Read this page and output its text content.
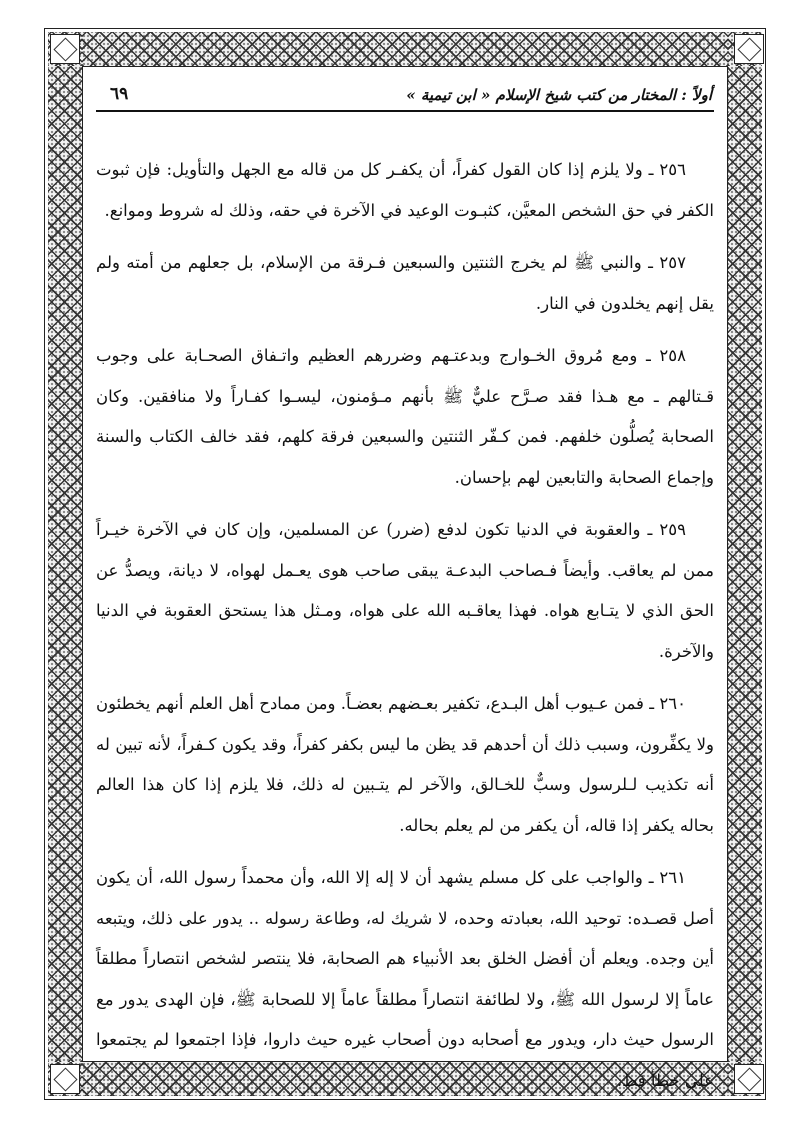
أولاً : المختار من كتب شيخ الإسلام « ابن تيمية »
٦٩

٢٥٦ ـ ولا يلزم إذا كان القول كفراً، أن يكفـر كل من قاله مع الجهل والتأويل: فإن ثبوت الكفر في حق الشخص المعيَّن، كثبـوت الوعيد في الآخرة في حقه، وذلك له شروط وموانع.

٢٥٧ ـ والنبي ﷺ لم يخرج الثنتين والسبعين فـرقة من الإسلام، بل جعلهم من أمته ولم يقل إنهم يخلدون في النار.

٢٥٨ ـ ومع مُروق الخـوارج وبدعتـهم وضررهم العظيم واتـفاق الصحـابة على وجوب قـتالهم ـ مع هـذا فقد صـرَّح عليٌّ ﷺ بأنهم مـؤمنون، ليسـوا كفـاراً ولا منافقين. وكان الصحابة يُصلُّون خلفهم. فمن كـفّر الثنتين والسبعين فرقة كلهم، فقد خالف الكتاب والسنة وإجماع الصحابة والتابعين لهم بإحسان.

٢٥٩ ـ والعقوبة في الدنيا تكون لدفع (ضرر) عن المسلمين، وإن كان في الآخرة خيـراً ممن لم يعاقب. وأيضاً فـصاحب البدعـة يبقى صاحب هوى يعـمل لهواه، لا ديانة، ويصدُّ عن الحق الذي لا يتـابع هواه. فهذا يعاقـبه الله على هواه، ومـثل هذا يستحق العقوبة في الدنيا والآخرة.

٢٦٠ ـ فمن عـيوب أهل البـدع، تكفير بعـضهم بعضـاً. ومن ممادح أهل العلم أنهم يخطئون ولا يكفِّرون، وسبب ذلك أن أحدهم قد يظن ما ليس بكفر كفراً، وقد يكون كـفراً، لأنه تبين له أنه تكذيب لـلرسول وسبٌّ للخـالق، والآخر لم يتـبين له ذلك، فلا يلزم إذا كان هذا العالم بحاله يكفر إذا قاله، أن يكفر من لم يعلم بحاله.

٢٦١ ـ والواجب على كل مسلم يشهد أن لا إله إلا الله، وأن محمداً رسول الله، أن يكون أصل قصـده: توحيد الله، بعبادته وحده، لا شريك له، وطاعة رسوله .. يدور على ذلك، ويتبعه أين وجده. ويعلم أن أفضل الخلق بعد الأنبياء هم الصحابة، فلا ينتصر لشخص انتصاراً مطلقاً عاماً إلا لرسول الله ﷺ، ولا لطائفة انتصاراً مطلقاً عاماً إلا للصحابة ﷺ، فإن الهدى يدور مع الرسول حيث دار، ويدور مع أصحابه دون أصحاب غيره حيث داروا، فإذا اجتمعوا لم يجتمعوا على خطأ قط.
